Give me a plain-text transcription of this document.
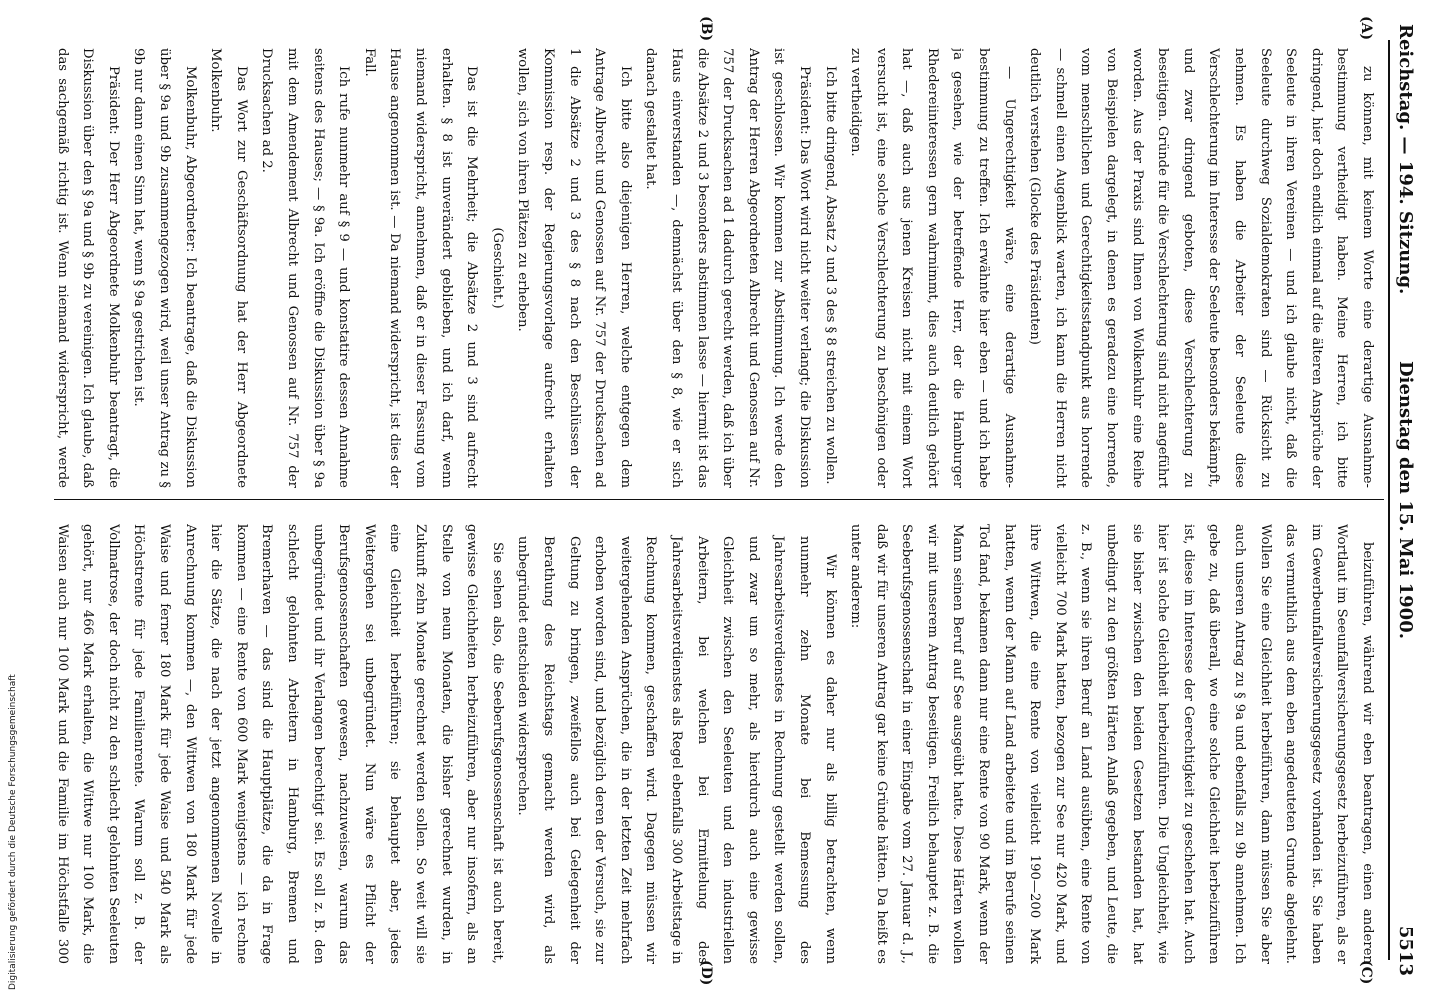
Digitalisierung gefördert durch die Deutsche Forschungsgemeinschaft
Reichstag. — 194. Sitzung.
Dienstag den 15. Mai 1900.
5513
(A)
(B)
(C)
(D)

zu können, mit keinem Worte eine derartige Ausnahme-bestimmung vertheidigt haben. Meine Herren, ich bitte dringend, hier doch endlich einmal auf die älteren Ansprüche der Seeleute in ihren Vereinen — und ich glaube nicht, daß die Seeleute durchweg Sozialdemokraten sind — Rücksicht zu nehmen. Es haben die Arbeiter der Seeleute diese Verschlechterung im Interesse der Seeleute besonders bekämpft, und zwar dringend geboten, diese Verschlechterung zu beseitigen. Gründe für die Verschlechterung sind nicht angeführt worden. Aus der Praxis sind Ihnen von Wolkenkuhr eine Reihe von Beispielen dargelegt, in denen es geradezu eine horrende, vom menschlichen und Gerechtigkeitsstandpunkt aus horrende — schmell einen Augenblick warten, ich kann die Herren nicht deutlich verstehen (Glocke des Präsidenten)

— Ungerechtigkeit wäre, eine derartige Ausnahme-bestimmung zu treffen. Ich erwähnte hier eben — und ich habe ja gesehen, wie der betreffende Herr, der die Hamburger Rhedereiinteressen gern wahrnimmt, dies auch deutlich gehört hat —, daß auch aus jenen Kreisen nicht mit einem Wort versucht ist, eine solche Verschlechterung zu beschönigen oder zu vertheidigen.

Ich bitte dringend, Absatz 2 und 3 des § 8 streichen zu wollen.

Präsident: Das Wort wird nicht weiter verlangt; die Diskussion ist geschlossen. Wir kommen zur Abstimmung. Ich werde den Antrag der Herren Abgeordneten Albrecht und Genossen auf Nr. 757 der Drucksachen ad 1 dadurch gerecht werden, daß ich über die Absätze 2 und 3 besonders abstimmen lasse — hiermit ist das Haus einverstanden —, demnächst über den § 8, wie er sich danach gestaltet hat.

Ich bitte also diejenigen Herren, welche entgegen dem Antrage Albrecht und Genossen auf Nr. 757 der Drucksachen ad 1 die Absätze 2 und 3 des § 8 nach den Beschlüssen der Kommission resp. der Regierungsvorlage aufrecht erhalten wollen, sich von ihren Plätzen zu erheben.

(Geschieht.)

Das ist die Mehrheit; die Absätze 2 und 3 sind aufrecht erhalten. § 8 ist unverändert geblieben, und ich darf, wenn niemand widerspricht, annehmen, daß er in dieser Fassung vom Hause angenommen ist. — Da niemand widerspricht, ist dies der Fall.

Ich rufe nunmehr auf § 9 — und konstatire dessen Annahme seitens des Hauses; — § 9a. Ich eröffne die Diskussion über § 9a mit dem Amendement Albrecht und Genossen auf Nr. 757 der Drucksachen ad 2.

Das Wort zur Geschäftsordnung hat der Herr Abgeordnete Molkenbuhr.

Molkenbuhr, Abgeordneter: Ich beantrage, daß die Diskussion über § 9a und 9b zusammengezogen wird, weil unser Antrag zu § 9b nur dann einen Sinn hat, wenn § 9a gestrichen ist.

Präsident: Der Herr Abgeordnete Molkenbuhr beantragt, die Diskussion über den § 9a und § 9b zu vereinigen. Ich glaube, daß das sachgemäß richtig ist. Wenn niemand widerspricht, werde

beizuführen, während wir eben beantragen, einen anderen Wortlaut im Seeunfallversicherungsgesetz herbeizuführen, als er im Gewerbeunfallversicherungsgesetz vorhanden ist. Sie haben das vermuthlich aus dem eben angedeuteten Grunde abgelehnt. Wollen Sie eine Gleichheit herbeiführen, dann müssen Sie aber auch unseren Antrag zu § 9a und ebenfalls zu 9b annehmen. Ich gebe zu, daß überall, wo eine solche Gleichheit herbeizuführen ist, diese im Interesse der Gerechtigkeit zu geschehen hat. Auch hier ist solche Gleichheit herbeizuführen. Die Ungleichheit, wie sie bisher zwischen den beiden Gesetzen bestanden hat, hat unbedingt zu den größten Härten Anlaß gegeben, und Leute, die z. B., wenn sie ihren Beruf an Land ausübten, eine Rente von vielleicht 700 Mark hatten, bezogen zur See nur 420 Mark, und ihre Wittwen, die eine Rente von vielleicht 190—200 Mark hatten, wenn der Mann auf Land arbeitete und im Berufe seinen Tod fand, bekamen dann nur eine Rente von 90 Mark, wenn der Mann seinen Beruf auf See ausgeübt hatte. Diese Härten wollen wir mit unserem Antrag beseitigen. Freilich behauptet z. B. die Seeberufsgenossenschaft in einer Eingabe vom 27. Januar d. J., daß wir für unseren Antrag gar keine Gründe hätten. Da heißt es unter anderem:

Wir können es daher nur als billig betrachten, wenn nunmehr zehn Monate bei Bemessung des Jahresarbeitsverdienstes in Rechnung gestellt werden sollen, und zwar um so mehr, als hierdurch auch eine gewisse Gleichheit zwischen den Seeleuten und den industriellen Arbeitern, bei welchen bei Ermittelung des Jahresarbeitsverdienstes als Regel ebenfalls 300 Arbeitstage in Rechnung kommen, geschaffen wird. Dagegen müssen wir weitergehenden Ansprüchen, die in der letzten Zeit mehrfach erhoben worden sind, und bezüglich deren der Versuch, sie zur Geltung zu bringen, zweifellos auch bei Gelegenheit der Berathung des Reichstags gemacht werden wird, als unbegründet entschieden widersprechen.

Sie sehen also, die Seeberufsgenossenschaft ist auch bereit, gewisse Gleichheiten herbeizuführen, aber nur insofern, als an Stelle von neun Monaten, die bisher gerechnet wurden, in Zukunft zehn Monate gerechnet werden sollen. So weit will sie eine Gleichheit herbeiführen; sie behauptet aber, jedes Weitergehen sei unbegründet. Nun wäre es Pflicht der Berufsgenossenschaften gewesen, nachzuweisen, warum das unbegründet und ihr Verlangen berechtigt sei. Es soll z. B. den schlecht gelohnten Arbeitern in Hamburg, Bremen und Bremerhaven — das sind die Hauptplätze, die da in Frage kommen — eine Rente von 600 Mark wenigstens — ich rechne hier die Sätze, die nach der jetzt angenommenen Novelle in Anrechnung kommen —, den Wittwen von 180 Mark für jede Waise und ferner 180 Mark für jede Waise und 540 Mark als Höchstrente für jede Familienrente. Warum soll z. B. der Vollmatrose, der doch nicht zu den schlecht gelohnten Seeleuten gehört, nur 466 Mark erhalten, die Wittwe nur 100 Mark, die Waisen auch nur 100 Mark und die Familie im Höchstfalle 300
